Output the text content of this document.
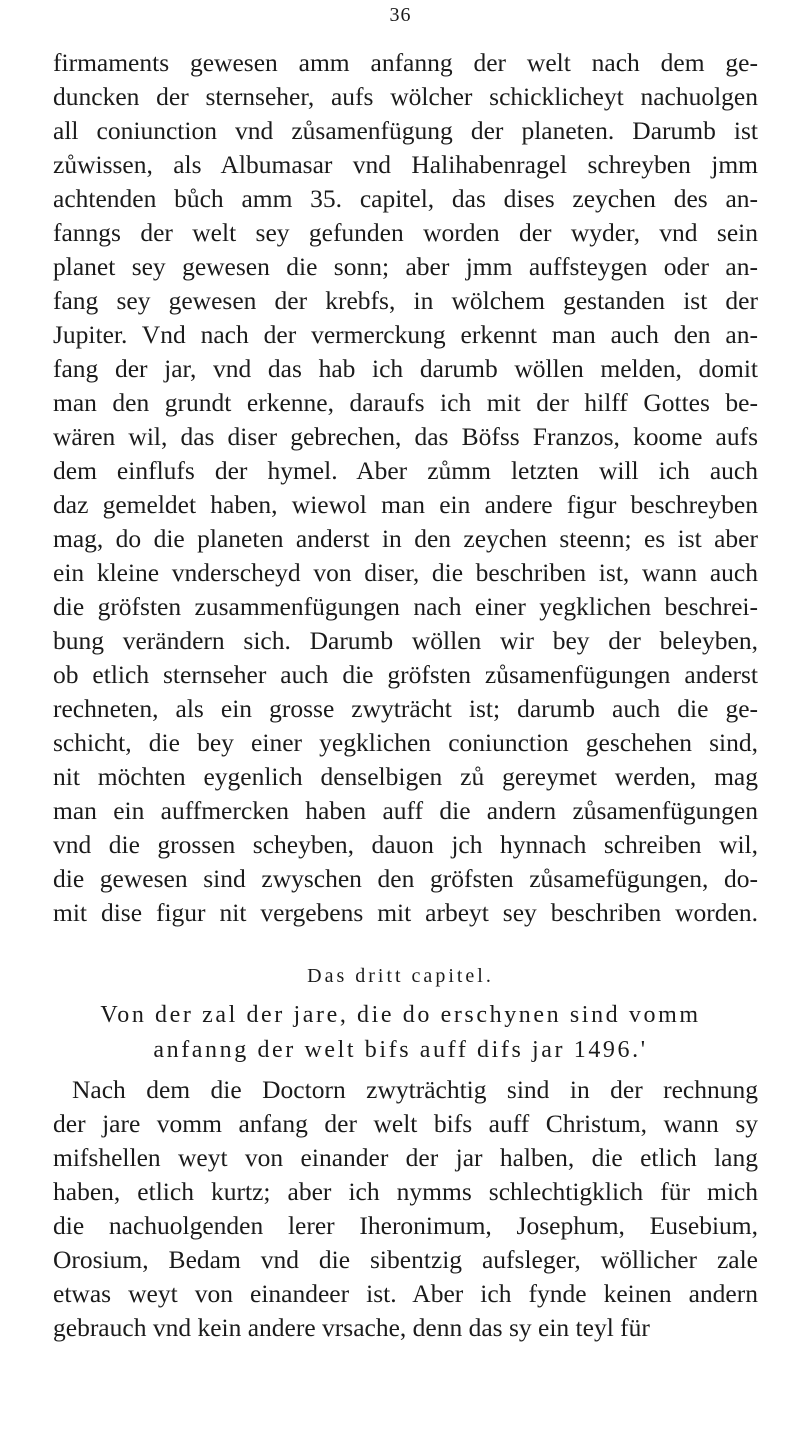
36
firmaments gewesen amm anfanng der welt nach dem ge-
duncken der sternseher, aufs wölcher schicklicheyt nachuolgen
all coniunction vnd zůsamenfügung der planeten. Darumb ist
zůwissen, als Albumasar vnd Halihabenragel schreyben jmm
achtenden bůch amm 35. capitel, das dises zeychen des an-
fanngs der welt sey gefunden worden der wyder, vnd sein
planet sey gewesen die sonn; aber jmm auffsteygen oder an-
fang sey gewesen der krebfs, in wölchem gestanden ist der
Jupiter. Vnd nach der vermerckung erkennt man auch den an-
fang der jar, vnd das hab ich darumb wöllen melden, domit
man den grundt erkenne, daraufs ich mit der hilff Gottes be-
wären wil, das diser gebrechen, das Böfss Franzos, koome aufs
dem einflufs der hymel. Aber zůmm letzten will ich auch
daz gemeldet haben, wiewol man ein andere figur beschreyben
mag, do die planeten anderst in den zeychen steenn; es ist aber
ein kleine vnderscheyd von diser, die beschriben ist, wann auch
die gröfsten zusammenfügungen nach einer yegklichen beschrei-
bung verändern sich. Darumb wöllen wir bey der beleyben,
ob etlich sternseher auch die gröfsten zůsamenfügungen anderst
rechneten, als ein grosse zwyträcht ist; darumb auch die ge-
schicht, die bey einer yegklichen coniunction geschehen sind,
nit möchten eygenlich denselbigen zů gereymet werden, mag
man ein auffmercken haben auff die andern zůsamenfügungen
vnd die grossen scheyben, dauon jch hynnach schreiben wil,
die gewesen sind zwyschen den gröfsten zůsamefügungen, do-
mit dise figur nit vergebens mit arbeyt sey beschriben worden.
Das dritt capitel.
Von der zal der jare, die do erschynen sind vomm
anfanng der welt bifs auff difs jar 1496.'
Nach dem die Doctorn zwyträchtig sind in der rechnung
der jare vomm anfang der welt bifs auff Christum, wann sy
mifshellen weyt von einander der jar halben, die etlich lang
haben, etlich kurtz; aber ich nymms schlechtigklich für mich
die nachuolgenden lerer Iheronimum, Josephum, Eusebium,
Orosium, Bedam vnd die sibentzig aufsleger, wöllicher zale
etwas weyt von einandeer ist. Aber ich fynde keinen andern
gebrauch vnd kein andere vrsache, denn das sy ein teyl für
